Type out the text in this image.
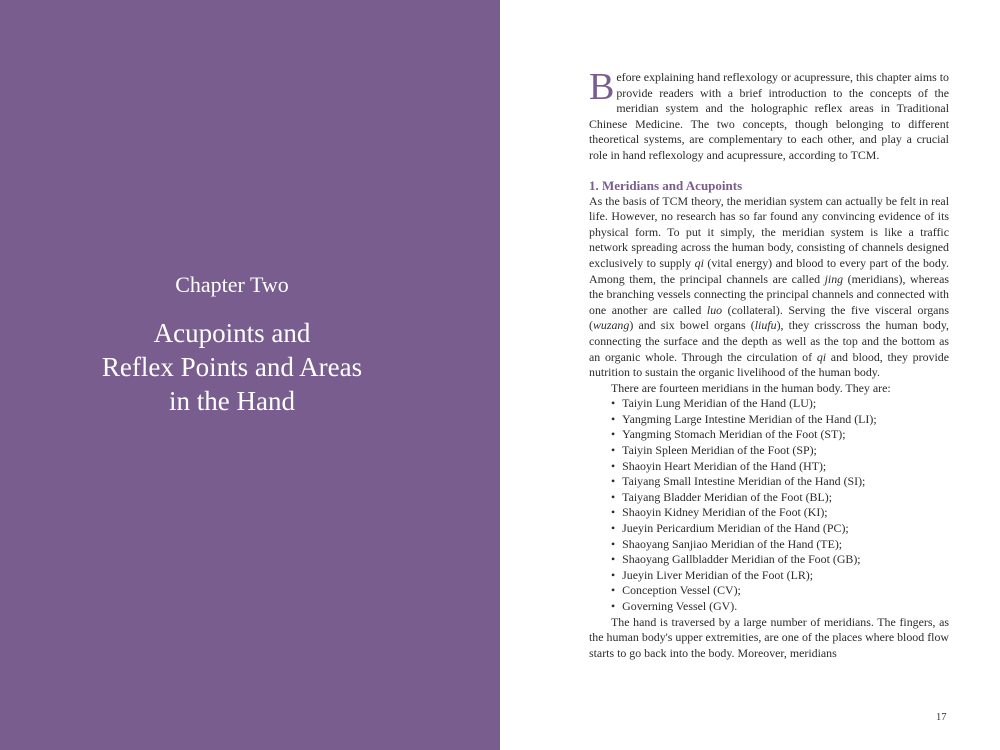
Chapter Two
Acupoints and
Reflex Points and Areas
in the Hand

Before explaining hand reflexology or acupressure, this chapter aims to provide readers with a brief introduction to the concepts of the meridian system and the holographic reflex areas in Traditional Chinese Medicine. The two concepts, though belonging to different theoretical systems, are complementary to each other, and play a crucial role in hand reflexology and acupressure, according to TCM.

1. Meridians and Acupoints

As the basis of TCM theory, the meridian system can actually be felt in real life. However, no research has so far found any convincing evidence of its physical form. To put it simply, the meridian system is like a traffic network spreading across the human body, consisting of channels designed exclusively to supply qi (vital energy) and blood to every part of the body. Among them, the principal channels are called jing (meridians), whereas the branching vessels connecting the principal channels and connected with one another are called luo (collateral). Serving the five visceral organs (wuzang) and six bowel organs (liufu), they crisscross the human body, connecting the surface and the depth as well as the top and the bottom as an organic whole. Through the circulation of qi and blood, they provide nutrition to sustain the organic livelihood of the human body.

There are fourteen meridians in the human body. They are:

• Taiyin Lung Meridian of the Hand (LU);
• Yangming Large Intestine Meridian of the Hand (LI);
• Yangming Stomach Meridian of the Foot (ST);
• Taiyin Spleen Meridian of the Foot (SP);
• Shaoyin Heart Meridian of the Hand (HT);
• Taiyang Small Intestine Meridian of the Hand (SI);
• Taiyang Bladder Meridian of the Foot (BL);
• Shaoyin Kidney Meridian of the Foot (KI);
• Jueyin Pericardium Meridian of the Hand (PC);
• Shaoyang Sanjiao Meridian of the Hand (TE);
• Shaoyang Gallbladder Meridian of the Foot (GB);
• Jueyin Liver Meridian of the Foot (LR);
• Conception Vessel (CV);
• Governing Vessel (GV).

The hand is traversed by a large number of meridians. The fingers, as the human body's upper extremities, are one of the places where blood flow starts to go back into the body. Moreover, meridians

17
